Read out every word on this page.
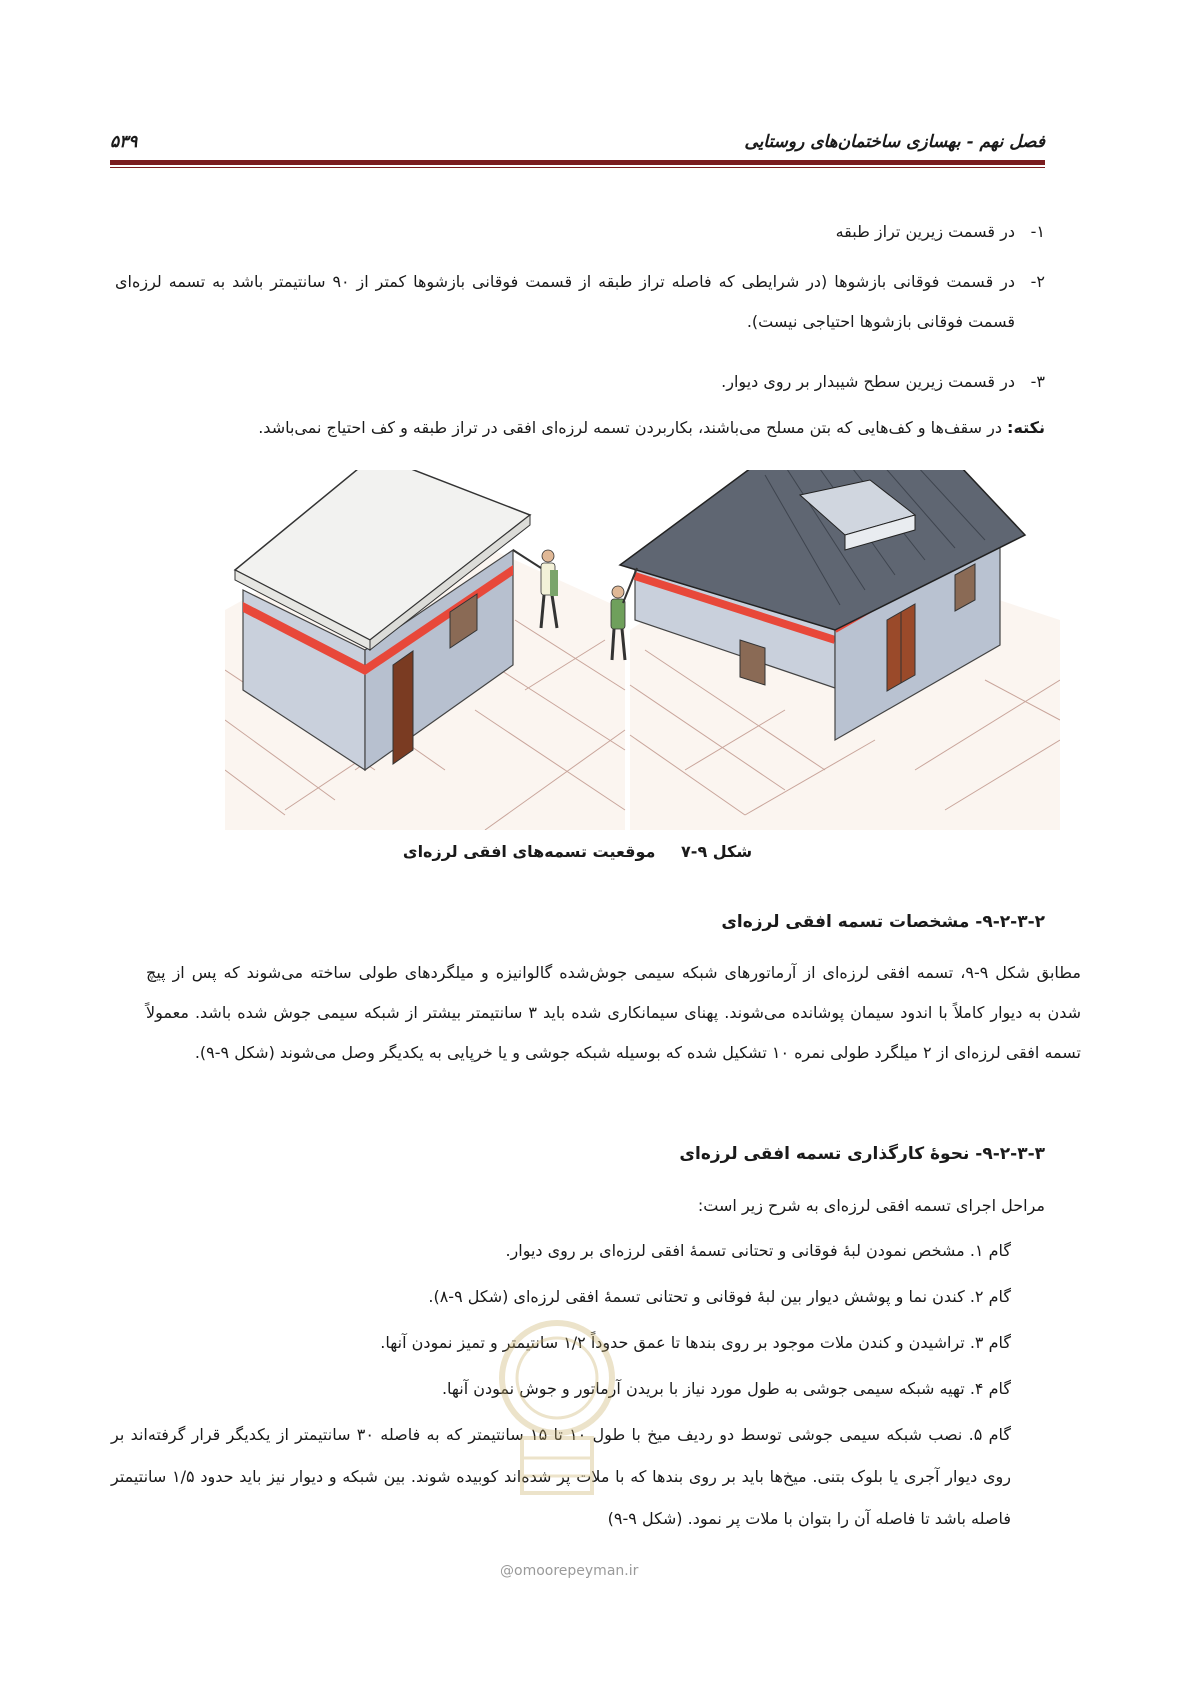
فصل نهم - بهسازی ساختمان‌های روستایی
۵۳۹
۱-
در قسمت زیرین تراز طبقه
۲-
در قسمت فوقانی بازشوها (در شرایطی که فاصله تراز طبقه از قسمت فوقانی بازشوها کمتر از ۹۰ سانتیمتر باشد به تسمه لرزه‌ای قسمت فوقانی بازشوها احتیاجی نیست).
۳-
در قسمت زیرین سطح شیبدار بر روی دیوار.
نکته: در سقف‌ها و کف‌هایی که بتن مسلح می‌باشند، بکاربردن تسمه لرزه‌ای افقی در تراز طبقه و کف احتیاج نمی‌باشد.
شکل ۹-۷ موقعیت تسمه‌های افقی لرزه‌ای
۹-۲-۳-۲- مشخصات تسمه افقی لرزه‌ای
مطابق شکل ۹-۹، تسمه افقی لرزه‌ای از آرماتورهای شبکه سیمی جوش‌شده گالوانیزه و میلگردهای طولی ساخته می‌شوند که پس از پیچ شدن به دیوار کاملاً با اندود سیمان پوشانده می‌شوند. پهنای سیمانکاری شده باید ۳ سانتیمتر بیشتر از شبکه سیمی جوش شده باشد. معمولاً تسمه افقی لرزه‌ای از ۲ میلگرد طولی نمره ۱۰ تشکیل شده که بوسیله شبکه جوشی و یا خرپایی به یکدیگر وصل می‌شوند (شکل ۹-۹).
۹-۲-۳-۳- نحوهٔ کارگذاری تسمه افقی لرزه‌ای
مراحل اجرای تسمه افقی لرزه‌ای به شرح زیر است:
گام ۱. مشخص نمودن لبهٔ فوقانی و تحتانی تسمهٔ افقی لرزه‌ای بر روی دیوار.
گام ۲. کندن نما و پوشش دیوار بین لبهٔ فوقانی و تحتانی تسمهٔ افقی لرزه‌ای (شکل ۹-۸).
گام ۳. تراشیدن و کندن ملات موجود بر روی بندها تا عمق حدوداً ۱/۲ سانتیمتر و تمیز نمودن آنها.
گام ۴. تهیه شبکه سیمی جوشی به طول مورد نیاز با بریدن آرماتور و جوش نمودن آنها.
گام ۵. نصب شبکه سیمی جوشی توسط دو ردیف میخ با طول ۱۰ تا ۱۵ سانتیمتر که به فاصله ۳۰ سانتیمتر از یکدیگر قرار گرفته‌اند بر روی دیوار آجری یا بلوک بتنی. میخ‌ها باید بر روی بندها که با ملات پر شده‌اند کوبیده شوند. بین شبکه و دیوار نیز باید حدود ۱/۵ سانتیمتر فاصله باشد تا فاصله آن را بتوان با ملات پر نمود. (شکل ۹-۹)
@omoorepeyman.ir
